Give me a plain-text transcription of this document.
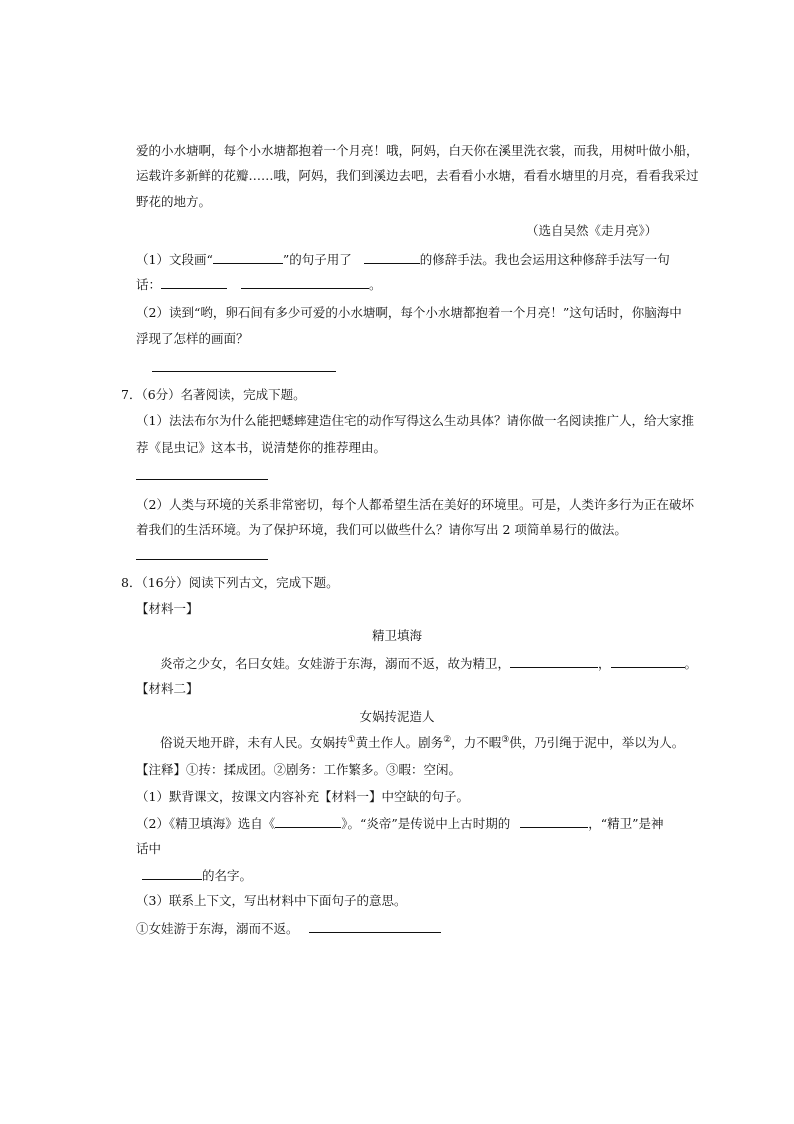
爱的小水塘啊，每个小水塘都抱着一个月亮！哦，阿妈，白天你在溪里洗衣裳，而我，用树叶做小船，
运载许多新鲜的花瓣……哦，阿妈，我们到溪边去吧，去看看小水塘，看看水塘里的月亮，看看我采过
野花的地方。
（选自吴然《走月亮》）
（1）文段画“	”的句子用了	的修辞手法。我也会运用这种修辞手法写一句
话：	。
（2）读到“哟，卵石间有多少可爱的小水塘啊，每个小水塘都抱着一个月亮！”这句话时，你脑海中
浮现了怎样的画面？
7．（6分）名著阅读，完成下题。
（1）法法布尔为什么能把蟋蟀建造住宅的动作写得这么生动具体？请你做一名阅读推广人，给大家推
荐《昆虫记》这本书，说清楚你的推荐理由。
（2）人类与环境的关系非常密切，每个人都希望生活在美好的环境里。可是，人类许多行为正在破坏
着我们的生活环境。为了保护环境，我们可以做些什么？请你写出 2 项简单易行的做法。
8．（16分）阅读下列古文，完成下题。
【材料一】
精卫填海
炎帝之少女，名曰女娃。女娃游于东海，溺而不返，故为精卫，	，	。
【材料二】
女娲抟泥造人
俗说天地开辟，未有人民。女娲抟①黄土作人。剧务②，力不暇③供，乃引绳于泥中，举以为人。
【注释】①抟：揉成团。②剧务：工作繁多。③暇：空闲。
（1）默背课文，按课文内容补充【材料一】中空缺的句子。
（2）《精卫填海》选自《	》。“炎帝”是传说中上古时期的	，“精卫”是神
话中
的名字。
（3）联系上下文，写出材料中下面句子的意思。
①女娃游于东海，溺而不返。
